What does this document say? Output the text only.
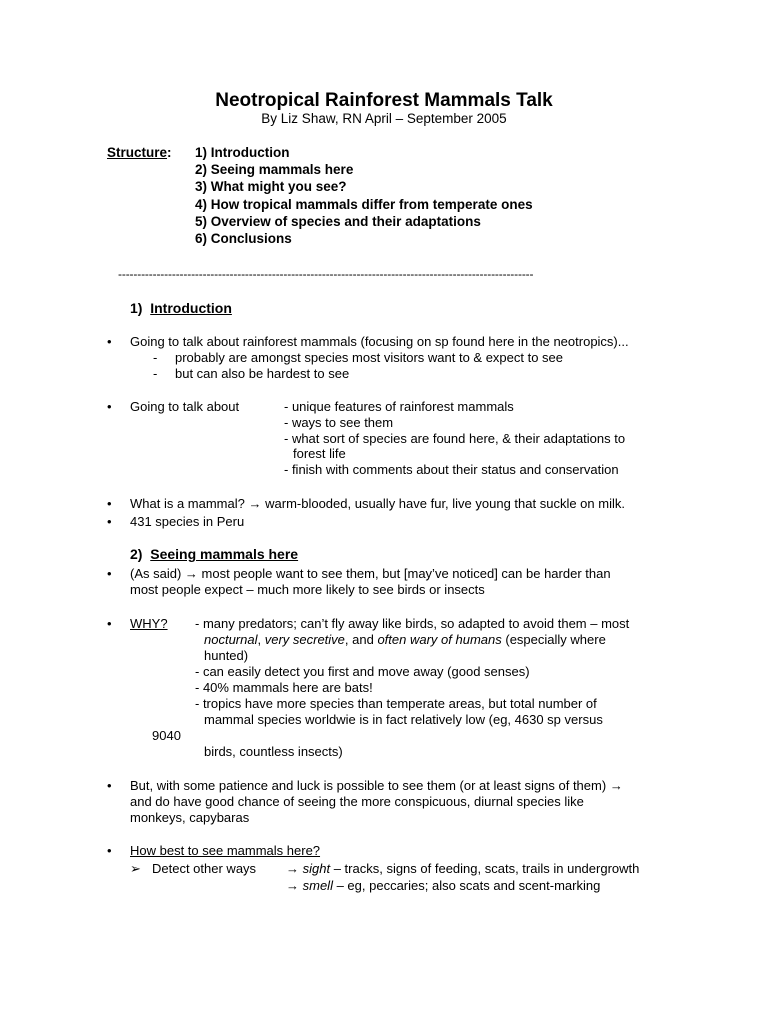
Neotropical Rainforest Mammals Talk
By Liz Shaw, RN April – September 2005
Structure: 1) Introduction
2) Seeing mammals here
3) What might you see?
4) How tropical mammals differ from temperate ones
5) Overview of species and their adaptations
6) Conclusions
------------------------------------------------------------------------------------------------------------
1) Introduction
• Going to talk about rainforest mammals (focusing on sp found here in the neotropics)...
- probably are amongst species most visitors want to & expect to see
- but can also be hardest to see
• Going to talk about	- unique features of rainforest mammals
- ways to see them
- what sort of species are found here, & their adaptations to
forest life
- finish with comments about their status and conservation
• What is a mammal? → warm-blooded, usually have fur, live young that suckle on milk.
• 431 species in Peru
2) Seeing mammals here
• (As said) → most people want to see them, but [may’ve noticed] can be harder than
most people expect – much more likely to see birds or insects
• WHY? - many predators; can’t fly away like birds, so adapted to avoid them – most
nocturnal, very secretive, and often wary of humans (especially where
hunted)
- can easily detect you first and move away (good senses)
- 40% mammals here are bats!
- tropics have more species than temperate areas, but total number of
mammal species worldwie is in fact relatively low (eg, 4630 sp versus
9040
birds, countless insects)
• But, with some patience and luck is possible to see them (or at least signs of them) →
and do have good chance of seeing the more conspicuous, diurnal species like
monkeys, capybaras
• How best to see mammals here?
➢ Detect other ways → sight – tracks, signs of feeding, scats, trails in undergrowth
→ smell – eg, peccaries; also scats and scent-marking
